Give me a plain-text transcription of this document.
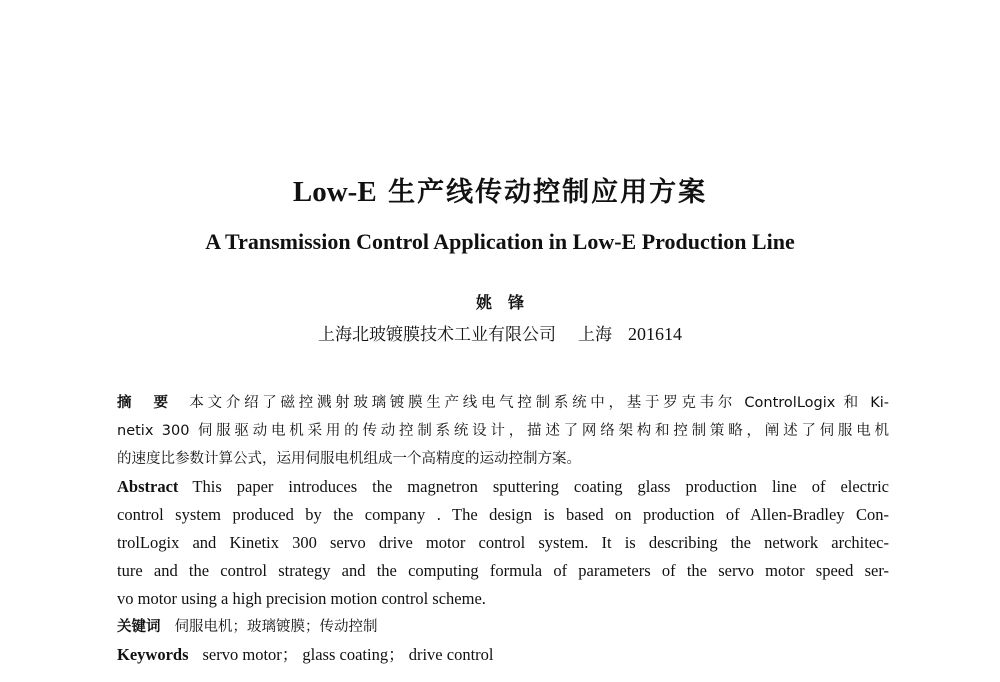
Low-E 生产线传动控制应用方案
A Transmission Control Application in Low-E Production Line
姚　锋
上海北玻镀膜技术工业有限公司 上海 201614
摘　要 本文介绍了磁控溅射玻璃镀膜生产线电气控制系统中，基于罗克韦尔 ControlLogix 和 Ki-
netix 300 伺服驱动电机采用的传动控制系统设计，描述了网络架构和控制策略，阐述了伺服电机
的速度比参数计算公式，运用伺服电机组成一个高精度的运动控制方案。
Abstract This paper introduces the magnetron sputtering coating glass production line of electric
control system produced by the company . The design is based on production of Allen-Bradley Con-
trolLogix and Kinetix 300 servo drive motor control system. It is describing the network architec-
ture and the control strategy and the computing formula of parameters of the servo motor speed ser-
vo motor using a high precision motion control scheme.
关键词 伺服电机；玻璃镀膜；传动控制
Keywords servo motor； glass coating； drive control
